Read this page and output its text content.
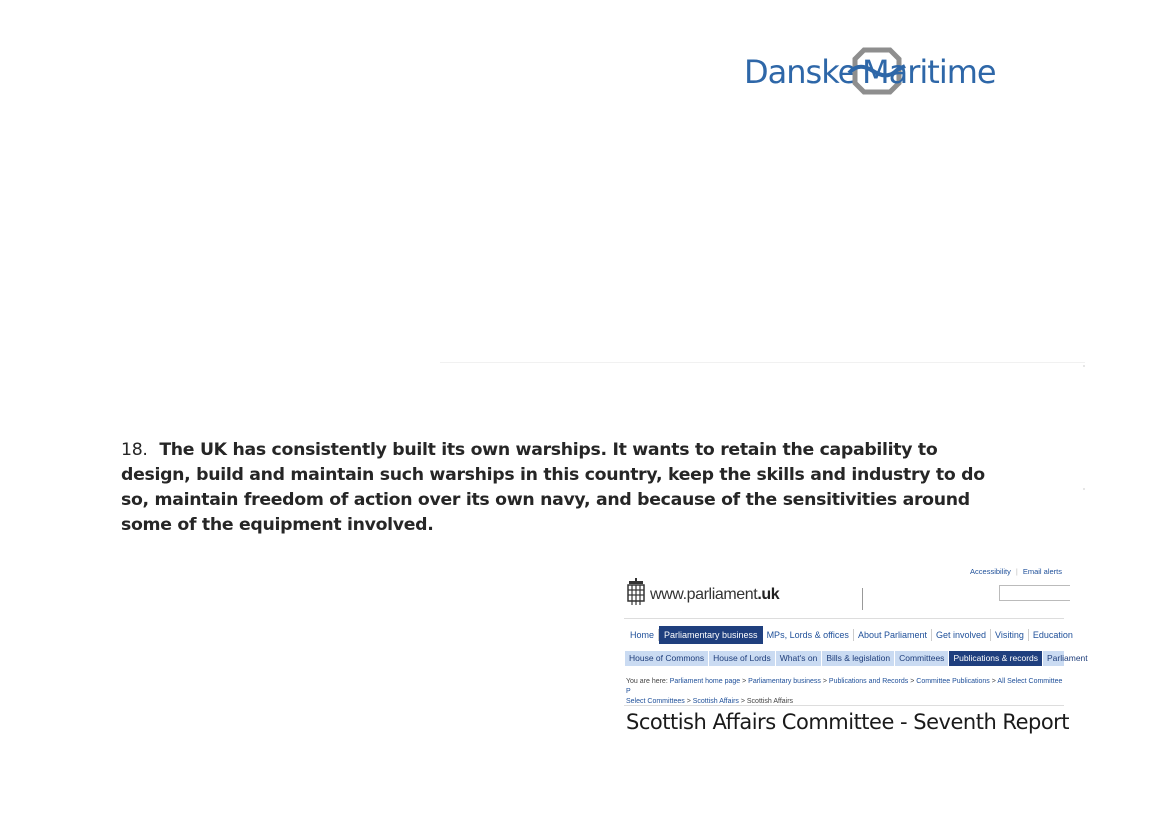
Danske Maritime
18. The UK has consistently built its own warships. It wants to retain the capability to design, build and maintain such warships in this country, keep the skills and industry to do so, maintain freedom of action over its own navy, and because of the sensitivities around some of the equipment involved.
Accessibility | Email alerts
www.parliament.uk
Home	Parliamentary business	MPs, Lords & offices	About Parliament	Get involved	Visiting	Education
House of Commons	House of Lords	What's on	Bills & legislation	Committees	Publications & records	Parliament
You are here: Parliament home page > Parliamentary business > Publications and Records > Committee Publications > All Select Committee P
Select Committees > Scottish Affairs > Scottish Affairs
Scottish Affairs Committee - Seventh Report
